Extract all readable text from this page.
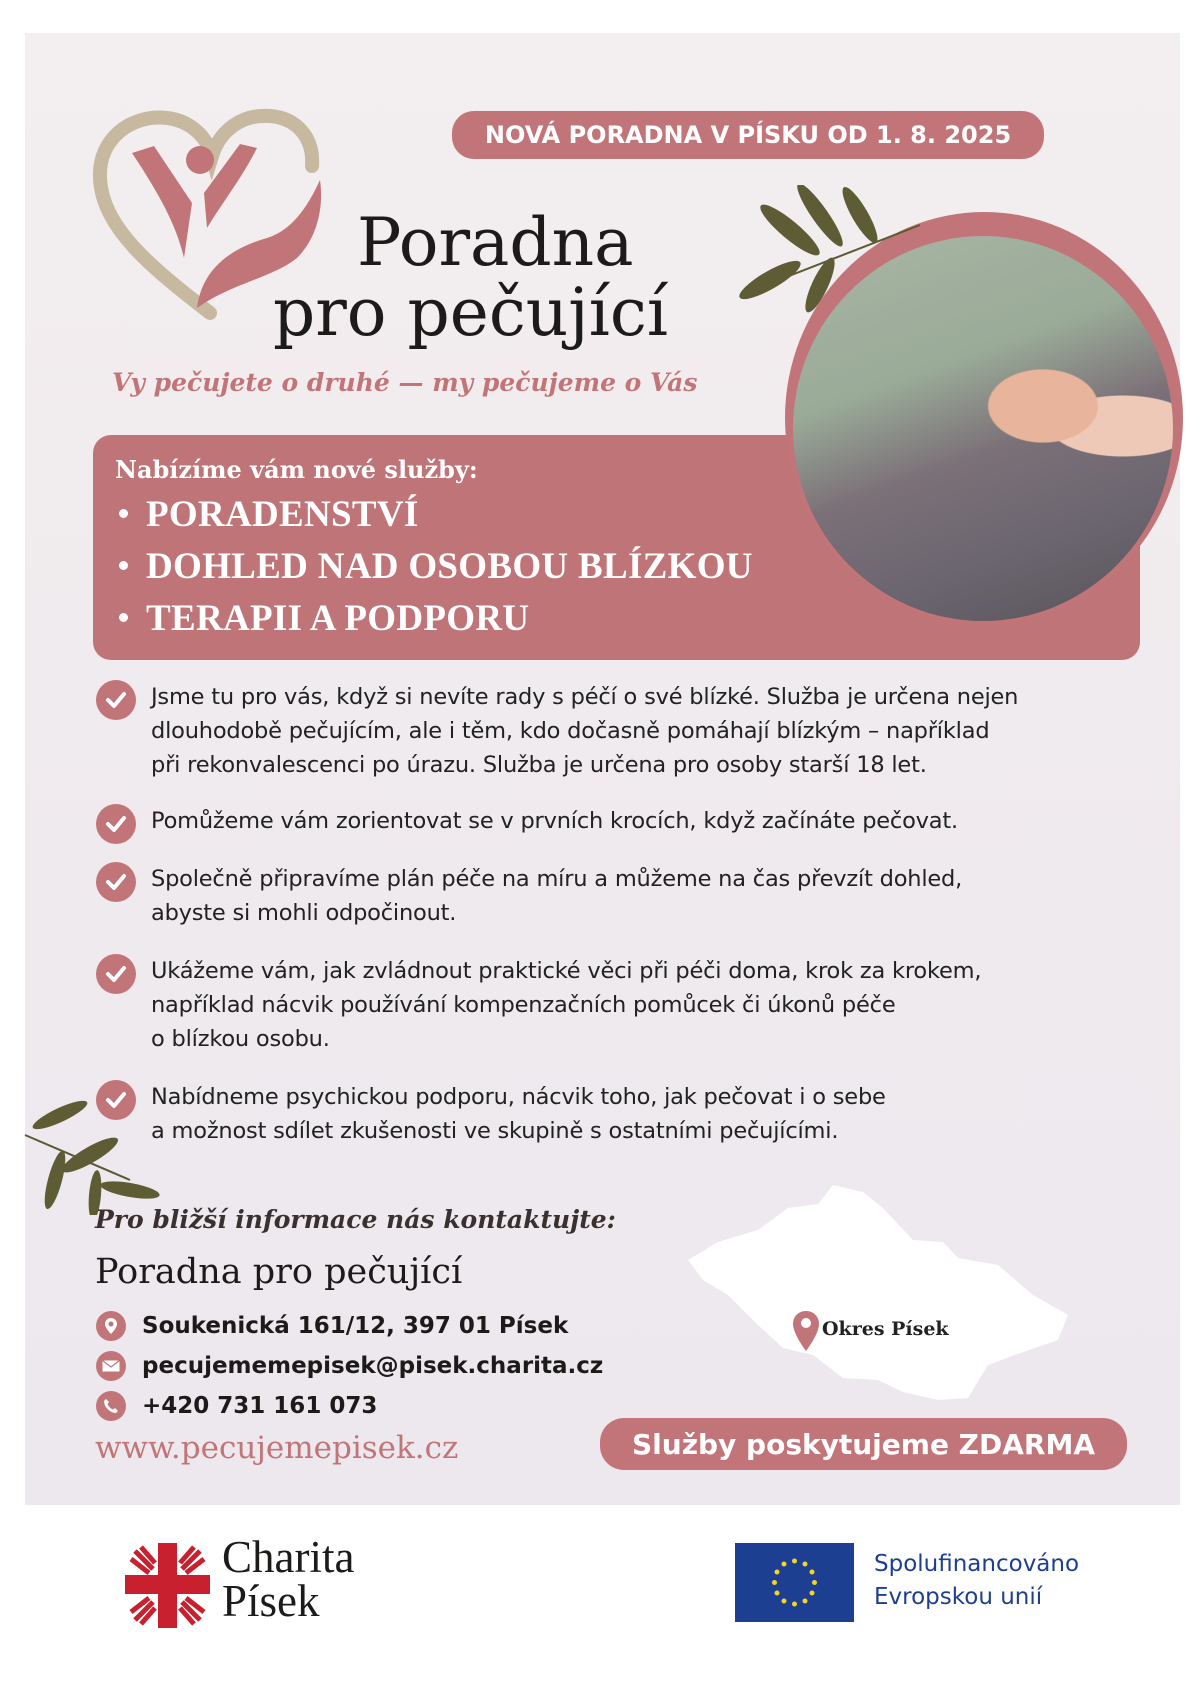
NOVÁ PORADNA V PÍSKU OD 1. 8. 2025
Poradna
pro pečující
Vy pečujete o druhé — my pečujeme o Vás
Nabízíme vám nové služby:
PORADENSTVÍ
DOHLED NAD OSOBOU BLÍZKOU
TERAPII A PODPORU
Jsme tu pro vás, když si nevíte rady s péčí o své blízké. Služba je určena nejen
dlouhodobě pečujícím, ale i těm, kdo dočasně pomáhají blízkým – například
při rekonvalescenci po úrazu. Služba je určena pro osoby starší 18 let.
Pomůžeme vám zorientovat se v prvních krocích, když začínáte pečovat.
Společně připravíme plán péče na míru a můžeme na čas převzít dohled,
abyste si mohli odpočinout.
Ukážeme vám, jak zvládnout praktické věci při péči doma, krok za krokem,
například nácvik používání kompenzačních pomůcek či úkonů péče
o blízkou osobu.
Nabídneme psychickou podporu, nácvik toho, jak pečovat i o sebe
a možnost sdílet zkušenosti ve skupině s ostatními pečujícími.
Pro bližší informace nás kontaktujte:
Poradna pro pečující
Soukenická 161/12, 397 01 Písek
pecujememepisek@pisek.charita.cz
+420 731 161 073
www.pecujemepisek.cz
Okres Písek
Služby poskytujeme ZDARMA
Charita
Písek
Spolufinancováno
Evropskou unií
